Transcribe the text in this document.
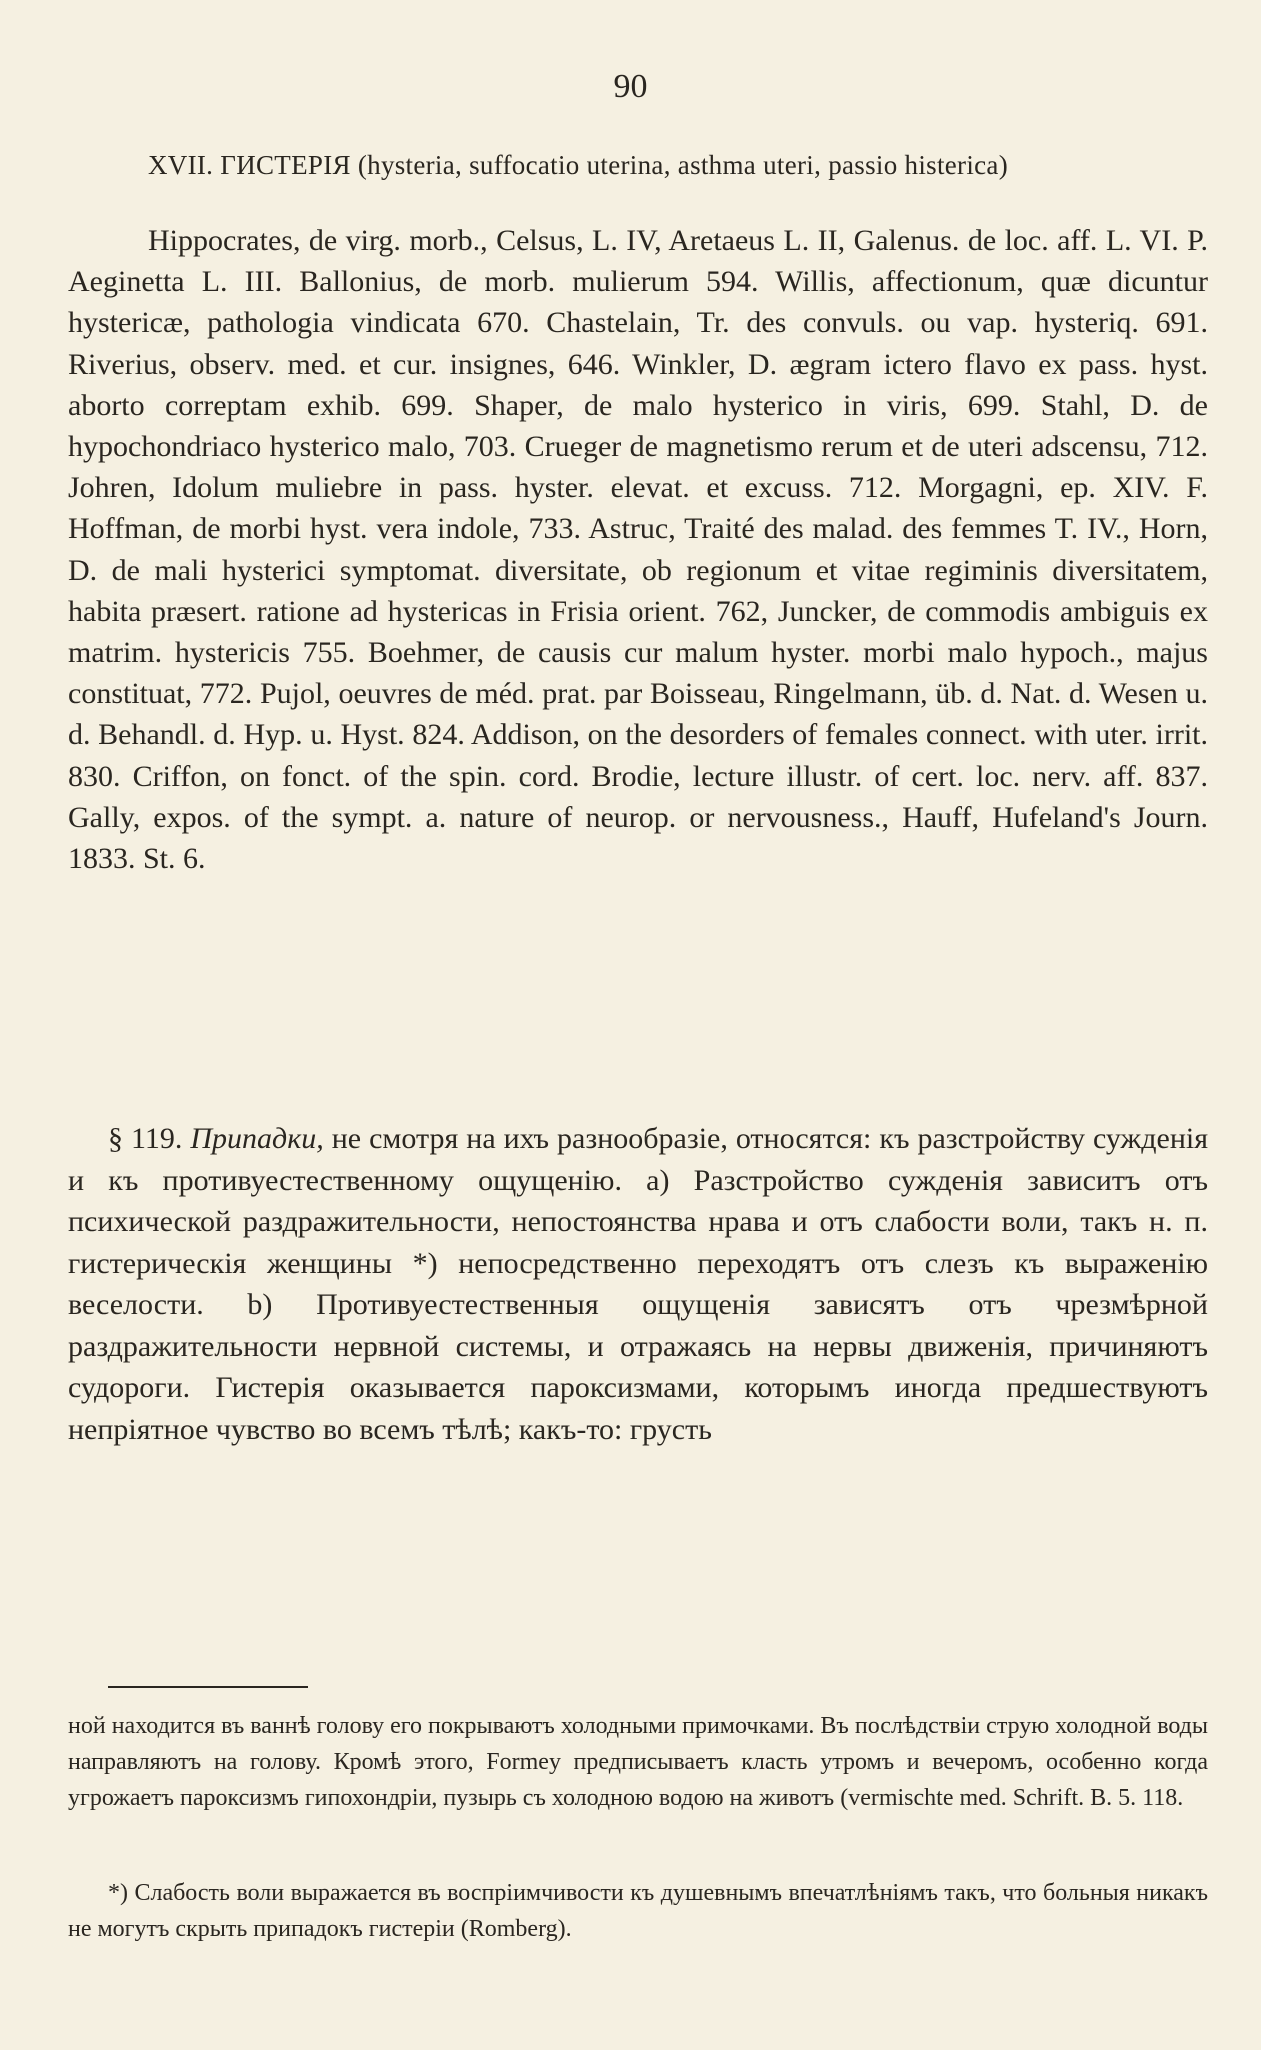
90
XVII. ГИСТЕРIЯ (hysteria, suffocatio uterina, asthma uteri, passio histerica)
Hippocrates, de virg. morb., Celsus, L. IV, Aretaeus L. II, Galenus. de loc. aff. L. VI. P. Aeginetta L. III. Ballonius, de morb. mulierum 594. Willis, affectionum, quæ dicuntur hystericæ, pathologia vindicata 670. Chastelain, Tr. des convuls. ou vap. hysteriq. 691. Riverius, observ. med. et cur. insignes, 646. Winkler, D. ægram ictero flavo ex pass. hyst. aborto correptam exhib. 699. Shaper, de malo hysterico in viris, 699. Stahl, D. de hypochondriaco hysterico malo, 703. Crueger de magnetismo rerum et de uteri adscensu, 712. Johren, Idolum muliebre in pass. hyster. elevat. et excuss. 712. Morgagni, ep. XIV. F. Hoffman, de morbi hyst. vera indole, 733. Astruc, Traité des malad. des femmes T. IV., Horn, D. de mali hysterici symptomat. diversitate, ob regionum et vitae regiminis diversitatem, habita præsert. ratione ad hystericas in Frisia orient. 762, Juncker, de commodis ambiguis ex matrim. hystericis 755. Boehmer, de causis cur malum hyster. morbi malo hypoch., majus constituat, 772. Pujol, oeuvres de méd. prat. par Boisseau, Ringelmann, üb. d. Nat. d. Wesen u. d. Behandl. d. Hyp. u. Hyst. 824. Addison, on the desorders of females connect. with uter. irrit. 830. Criffon, on fonct. of the spin. cord. Brodie, lecture illustr. of cert. loc. nerv. aff. 837. Gally, expos. of the sympt. a. nature of neurop. or nervousness., Hauff, Hufeland's Journ. 1833. St. 6.
§ 119. Припадки, не смотря на ихъ разнообразіе, относятся: къ разстройству сужденія и къ противуестественному ощущенію. а) Разстройство сужденія зависитъ отъ психической раздражительности, непостоянства нрава и отъ слабости воли, такъ н. п. гистерическія женщины *) непосредственно переходятъ отъ слезъ къ выраженію веселости. b) Противуестественныя ощущенія зависятъ отъ чрезмѣрной раздражительности нервной системы, и отражаясь на нервы движенія, причиняютъ судороги. Гистерія оказывается пароксизмами, которымъ иногда предшествуютъ непріятное чувство во всемъ тѣлѣ; какъ-то: грусть
ной находится въ ваннѣ голову его покрываютъ холодными примочками. Въ послѣдствіи струю холодной воды направляютъ на голову. Кромѣ этого, Formey предписываетъ класть утромъ и вечеромъ, особенно когда угрожаетъ пароксизмъ гипохондріи, пузырь съ холодною водою на животъ (vermischte med. Schrift. B. 5. 118.
*) Слабость воли выражается въ воспріимчивости къ душевнымъ впечатлѣніямъ такъ, что больныя никакъ не могутъ скрыть припадокъ гистеріи (Romberg).
